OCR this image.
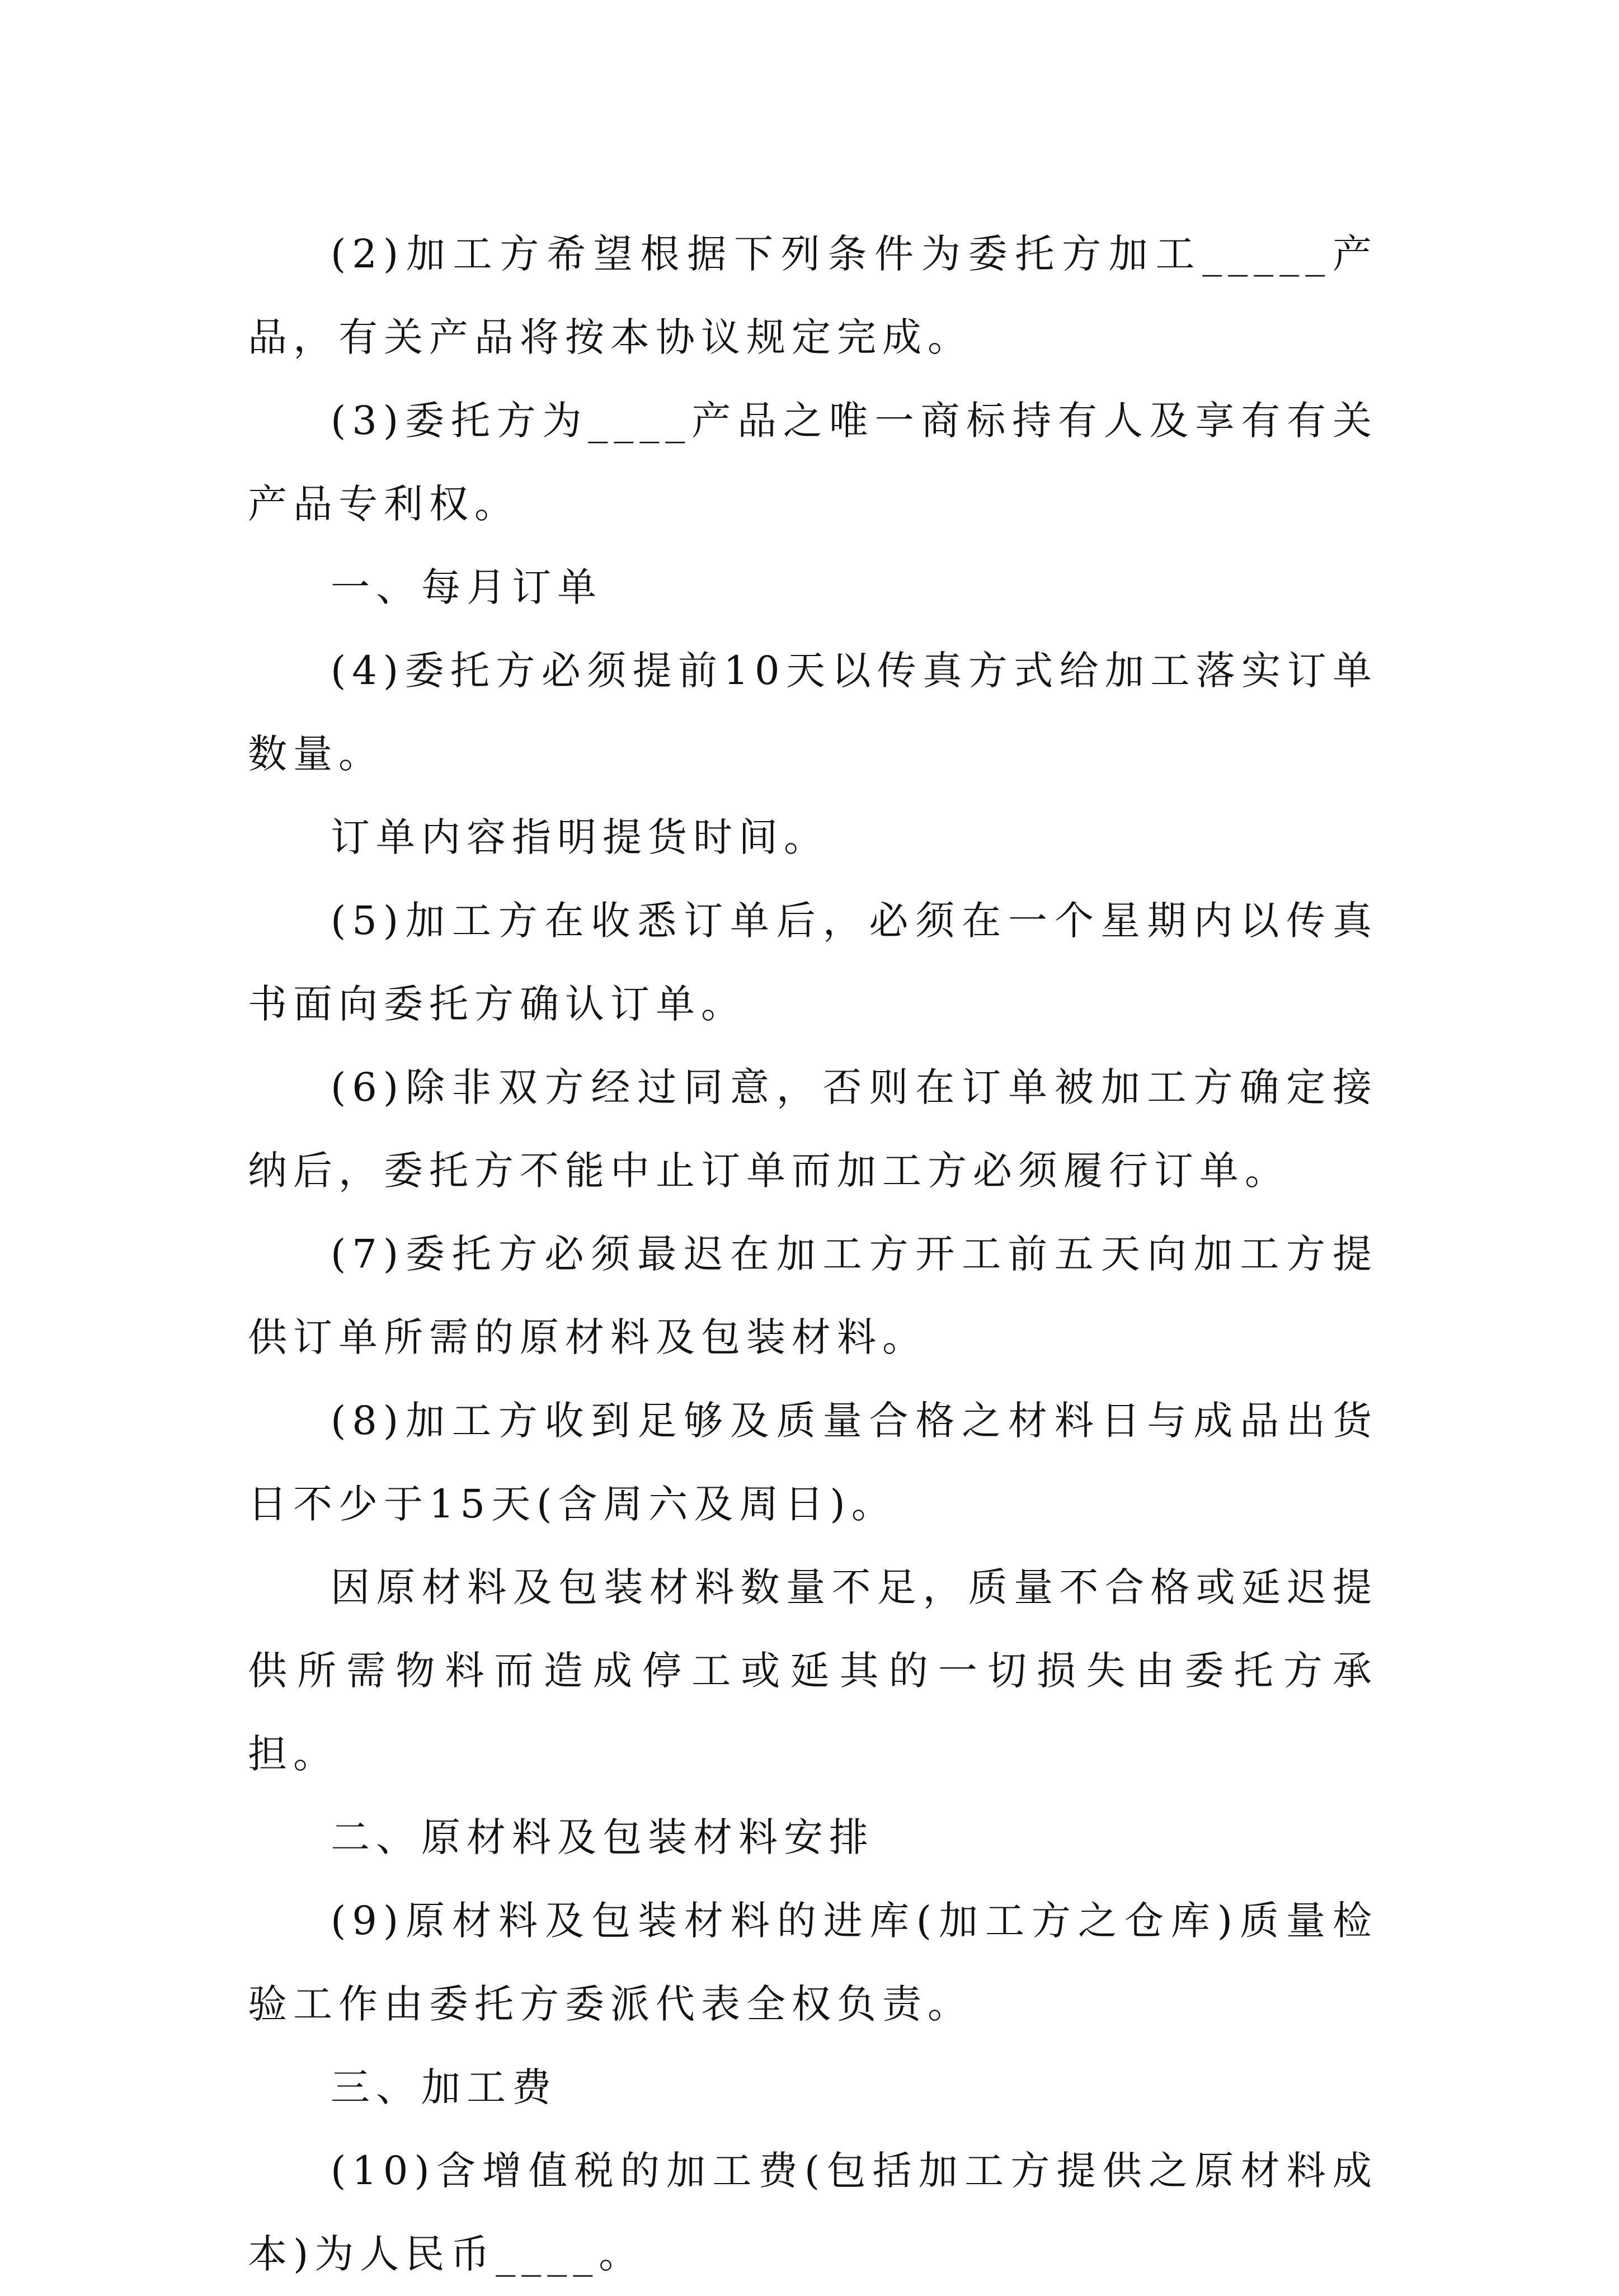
(2)加工方希望根据下列条件为委托方加工_____产品，有关产品将按本协议规定完成。

(3)委托方为____产品之唯一商标持有人及享有有关产品专利权。

一、每月订单

(4)委托方必须提前10天以传真方式给加工落实订单数量。

订单内容指明提货时间。

(5)加工方在收悉订单后，必须在一个星期内以传真书面向委托方确认订单。

(6)除非双方经过同意，否则在订单被加工方确定接纳后，委托方不能中止订单而加工方必须履行订单。

(7)委托方必须最迟在加工方开工前五天向加工方提供订单所需的原材料及包装材料。

(8)加工方收到足够及质量合格之材料日与成品出货日不少于15天(含周六及周日)。

因原材料及包装材料数量不足，质量不合格或延迟提供所需物料而造成停工或延其的一切损失由委托方承担。

二、原材料及包装材料安排

(9)原材料及包装材料的进库(加工方之仓库)质量检验工作由委托方委派代表全权负责。

三、加工费

(10)含增值税的加工费(包括加工方提供之原材料成本)为人民币____。
